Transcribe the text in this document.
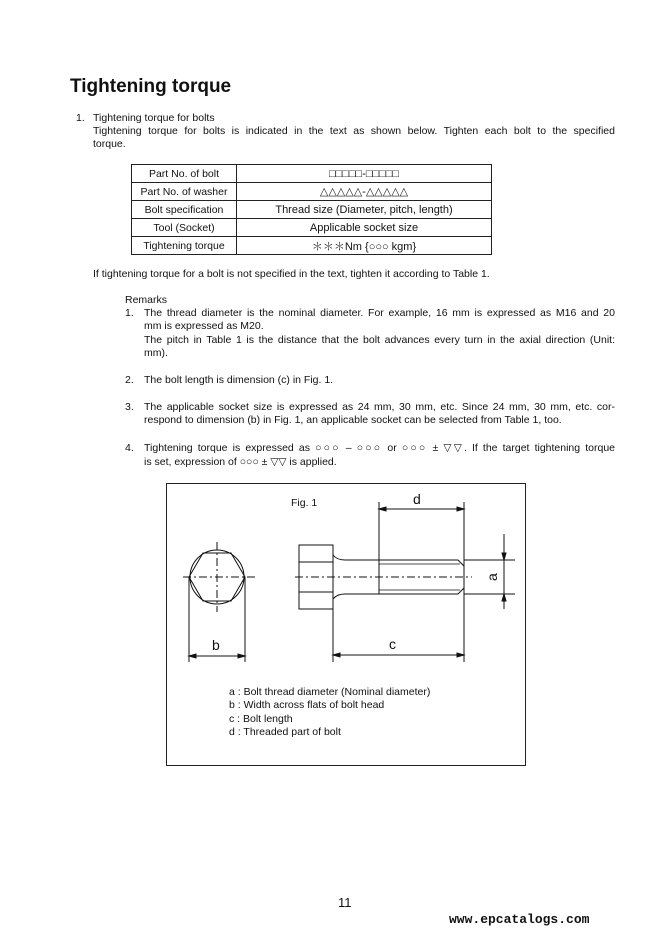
Tightening torque
1. Tightening torque for bolts
Tightening torque for bolts is indicated in the text as shown below. Tighten each bolt to the specified
torque.
Part No. of bolt	□□□□□-□□□□□
Part No. of washer	△△△△△-△△△△△
Bolt specification	Thread size (Diameter, pitch, length)
Tool (Socket)	Applicable socket size
Tightening torque	＊＊＊Nm {○○○ kgm}
If tightening torque for a bolt is not specified in the text, tighten it according to Table 1.
Remarks
1. The thread diameter is the nominal diameter. For example, 16 mm is expressed as M16 and 20
mm is expressed as M20.
The pitch in Table 1 is the distance that the bolt advances every turn in the axial direction (Unit:
mm).
2. The bolt length is dimension (c) in Fig. 1.
3. The applicable socket size is expressed as 24 mm, 30 mm, etc. Since 24 mm, 30 mm, etc. cor-
respond to dimension (b) in Fig. 1, an applicable socket can be selected from Table 1, too.
4. Tightening torque is expressed as ○○○ – ○○○ or ○○○ ± ▽▽. If the target tightening torque
is set, expression of ○○○ ± ▽▽ is applied.
Fig. 1	d
b	c
a
a : Bolt thread diameter (Nominal diameter)
b : Width across flats of bolt head
c : Bolt length
d : Threaded part of bolt
11
www.epcatalogs.com
